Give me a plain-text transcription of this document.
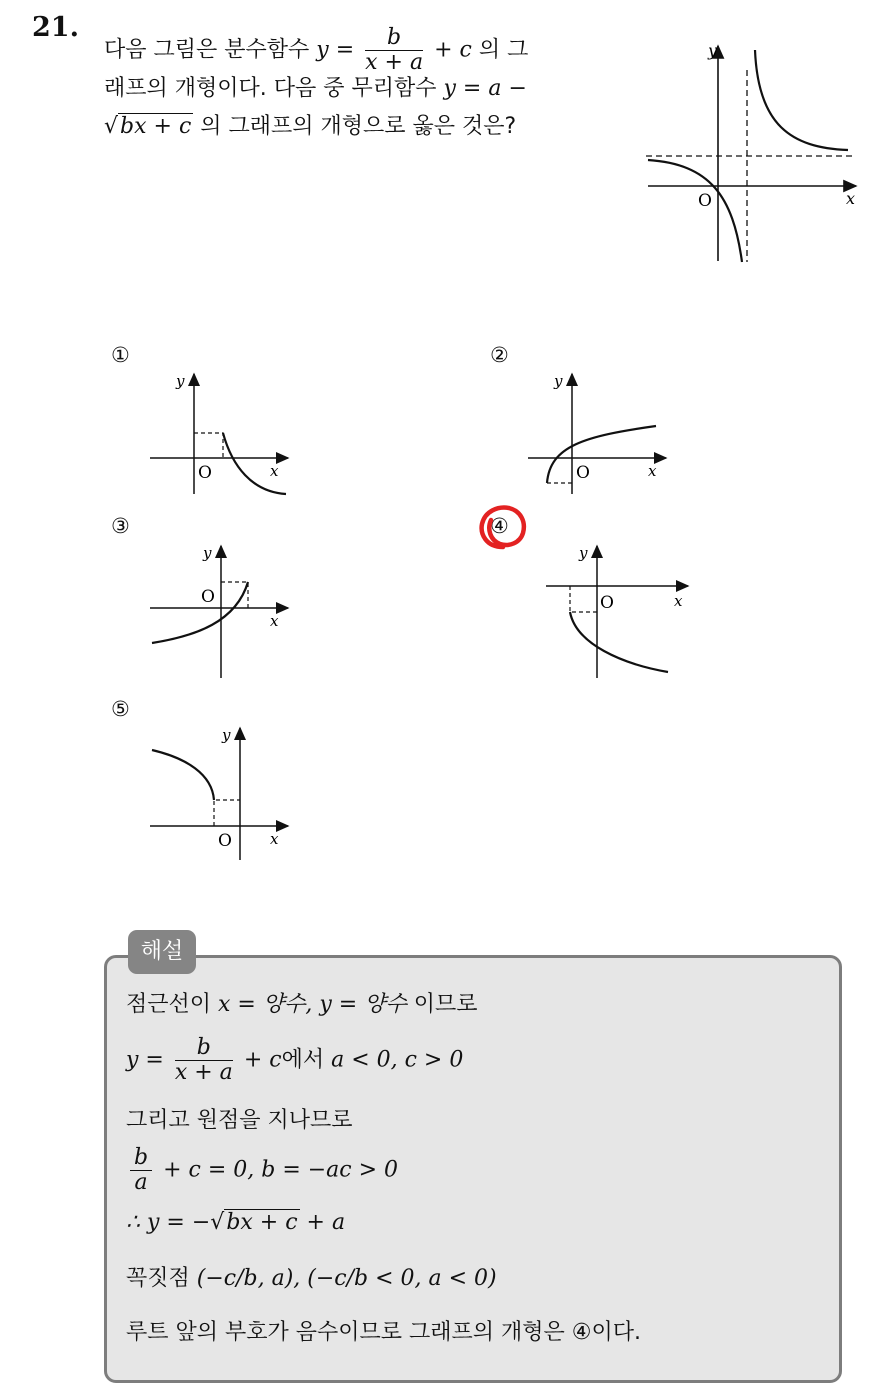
21.
다음 그림은 분수함수 $y = \frac{b}{x + a} + c$ 의 그
래프의 개형이다. 다음 중 무리함수 y = a −
√bx + c 의 그래프의 개형으로 옳은 것은?
y
x
O
①	②
③	④
⑤
y
x
O
y
x
O
y
x
O
y
x
O
y
x
O
해설
점근선이 x = 양수, y = 양수 이므로
$y = \frac{b}{x + a} + c$에서 a < 0, c > 0
그리고 원점을 지나므로
$\frac{b}{a} + c = 0$, b = −ac > 0
∴ y = −√bx + c + a
꼭짓점 (−c/b, a), (−c/b < 0, a < 0)
루트 앞의 부호가 음수이므로 그래프의 개형은 ④이다.
